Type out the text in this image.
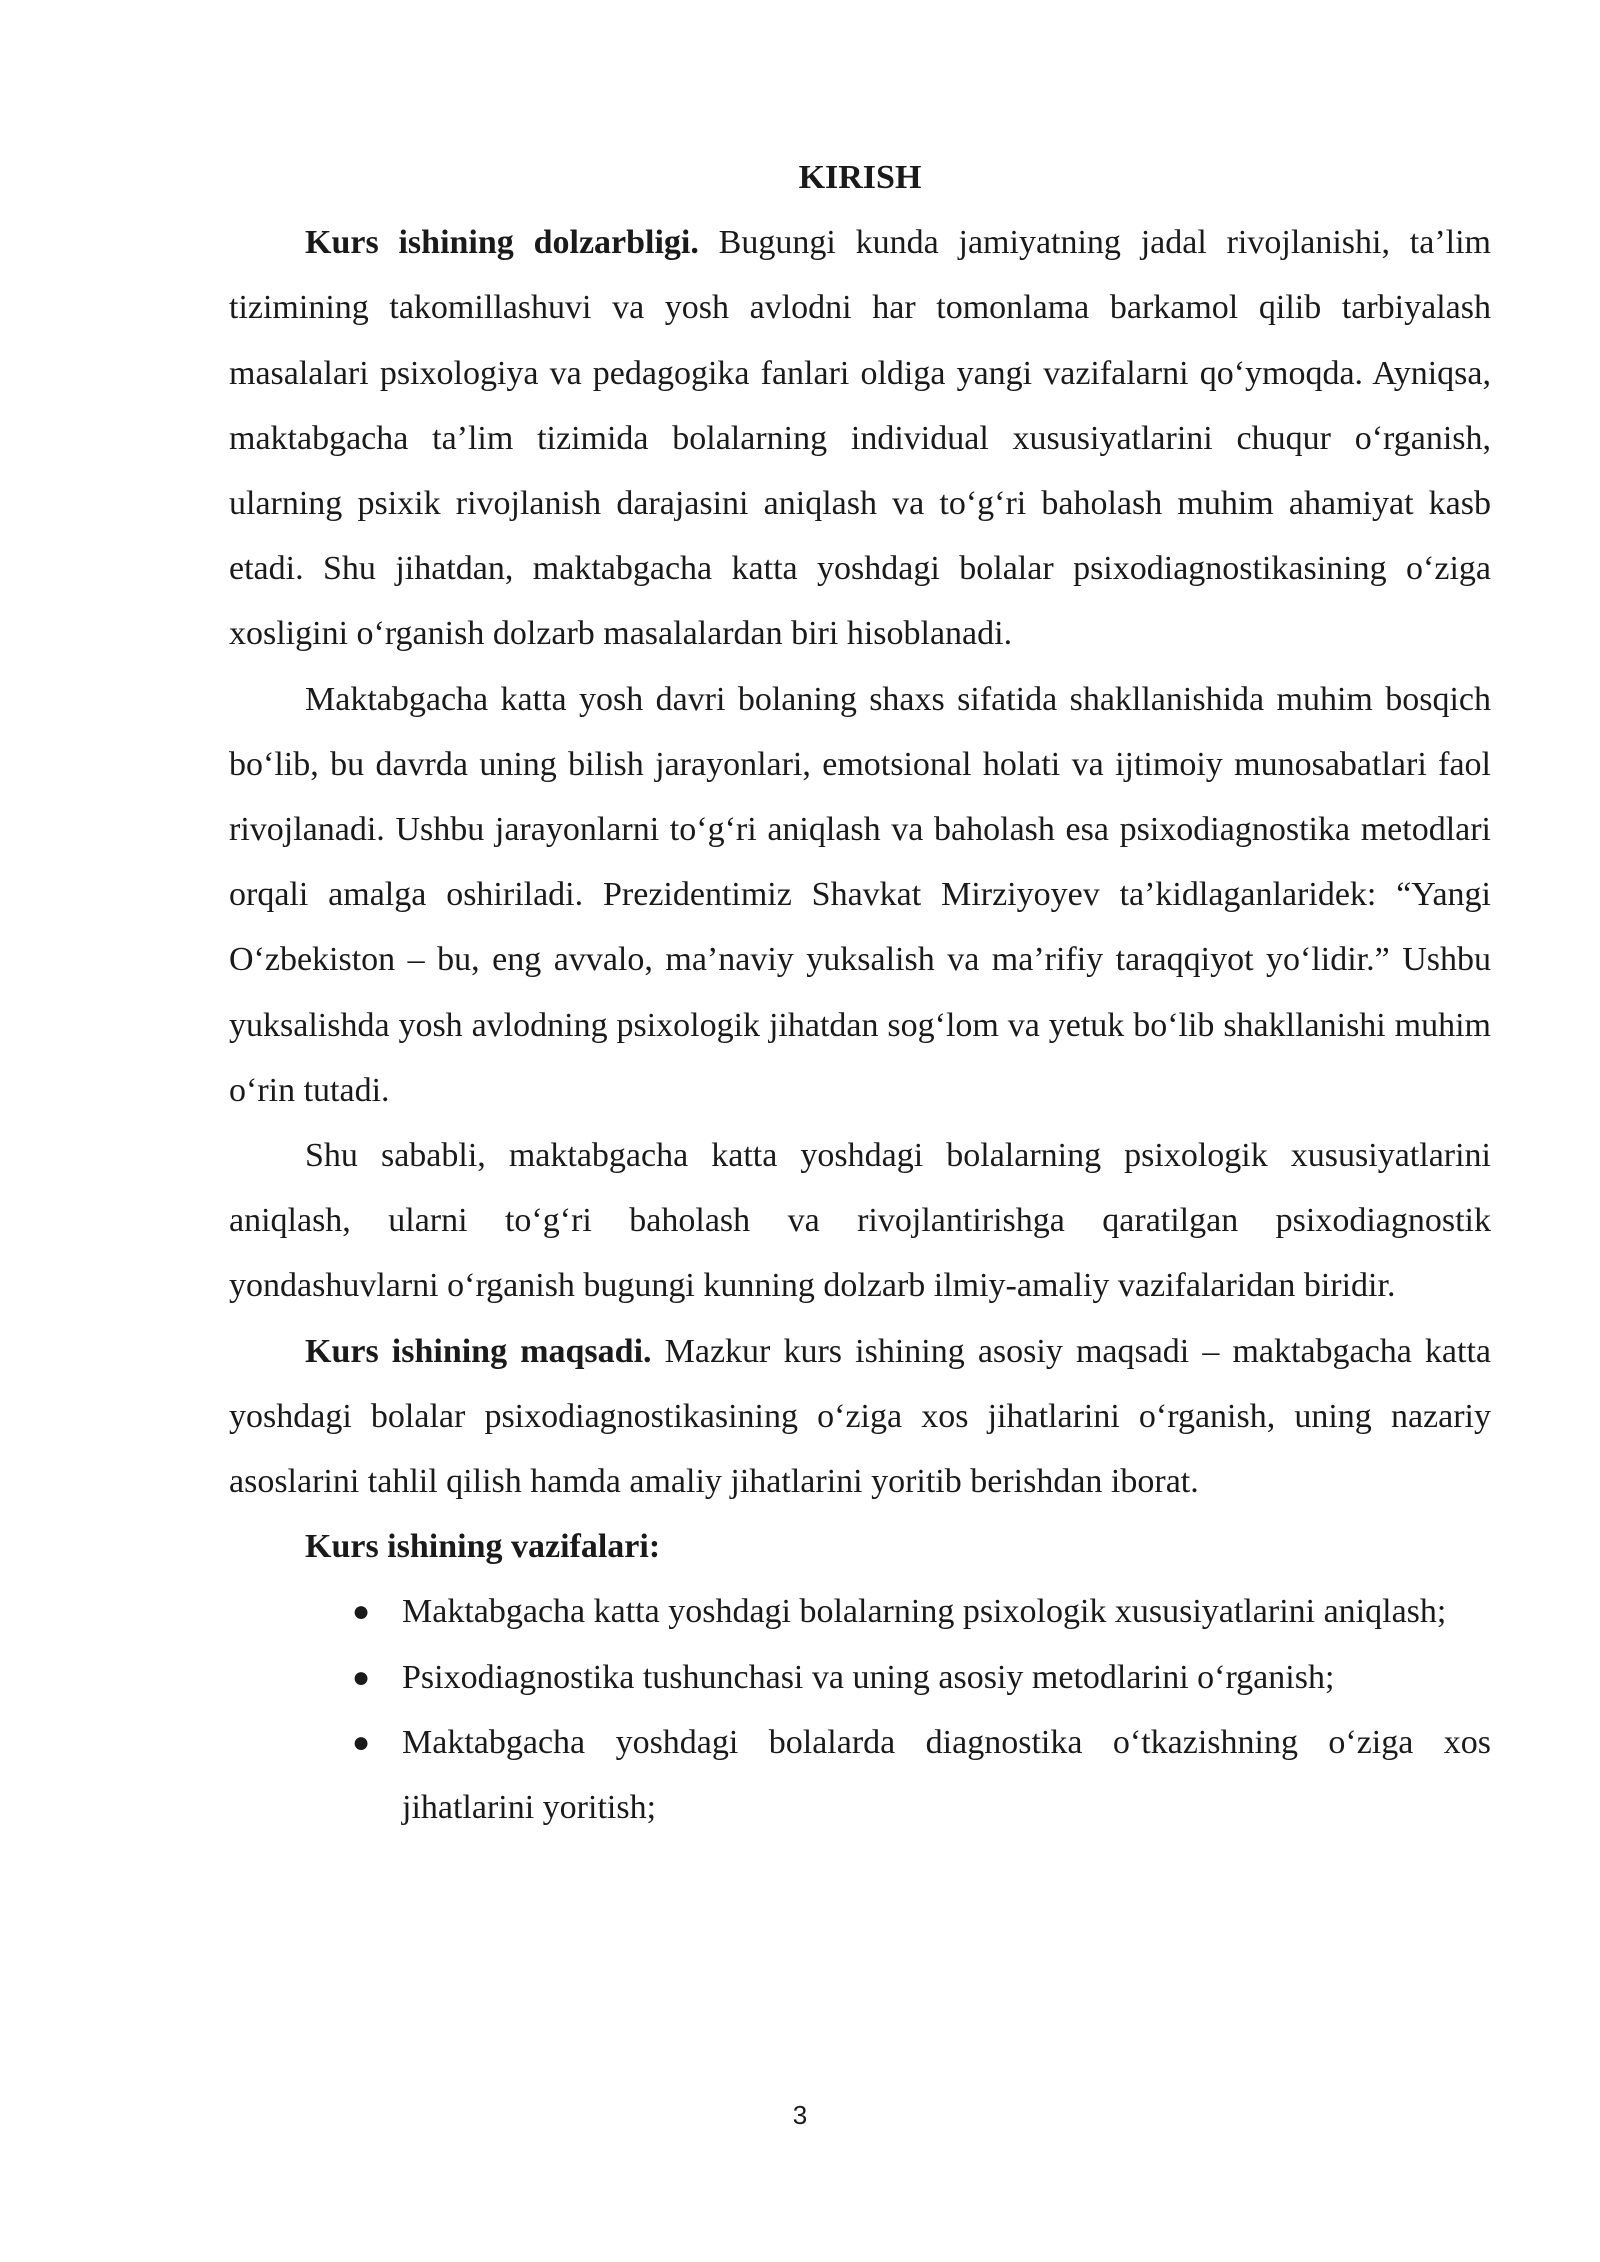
KIRISH

Kurs ishining dolzarbligi. Bugungi kunda jamiyatning jadal rivojlanishi, ta’lim tizimining takomillashuvi va yosh avlodni har tomonlama barkamol qilib tarbiyalash masalalari psixologiya va pedagogika fanlari oldiga yangi vazifalarni qo‘ymoqda. Ayniqsa, maktabgacha ta’lim tizimida bolalarning individual xususiyatlarini chuqur o‘rganish, ularning psixik rivojlanish darajasini aniqlash va to‘g‘ri baholash muhim ahamiyat kasb etadi. Shu jihatdan, maktabgacha katta yoshdagi bolalar psixodiagnostikasining o‘ziga xosligini o‘rganish dolzarb masalalardan biri hisoblanadi.

Maktabgacha katta yosh davri bolaning shaxs sifatida shakllanishida muhim bosqich bo‘lib, bu davrda uning bilish jarayonlari, emotsional holati va ijtimoiy munosabatlari faol rivojlanadi. Ushbu jarayonlarni to‘g‘ri aniqlash va baholash esa psixodiagnostika metodlari orqali amalga oshiriladi. Prezidentimiz Shavkat Mirziyoyev ta’kidlaganlaridek: “Yangi O‘zbekiston – bu, eng avvalo, ma’naviy yuksalish va ma’rifiy taraqqiyot yo‘lidir.” Ushbu yuksalishda yosh avlodning psixologik jihatdan sog‘lom va yetuk bo‘lib shakllanishi muhim o‘rin tutadi.

Shu sababli, maktabgacha katta yoshdagi bolalarning psixologik xususiyatlarini aniqlash, ularni to‘g‘ri baholash va rivojlantirishga qaratilgan psixodiagnostik yondashuvlarni o‘rganish bugungi kunning dolzarb ilmiy-amaliy vazifalaridan biridir.

Kurs ishining maqsadi. Mazkur kurs ishining asosiy maqsadi – maktabgacha katta yoshdagi bolalar psixodiagnostikasining o‘ziga xos jihatlarini o‘rganish, uning nazariy asoslarini tahlil qilish hamda amaliy jihatlarini yoritib berishdan iborat.

Kurs ishining vazifalari:

● Maktabgacha katta yoshdagi bolalarning psixologik xususiyatlarini aniqlash;
● Psixodiagnostika tushunchasi va uning asosiy metodlarini o‘rganish;
● Maktabgacha yoshdagi bolalarda diagnostika o‘tkazishning o‘ziga xos jihatlarini yoritish;
3
